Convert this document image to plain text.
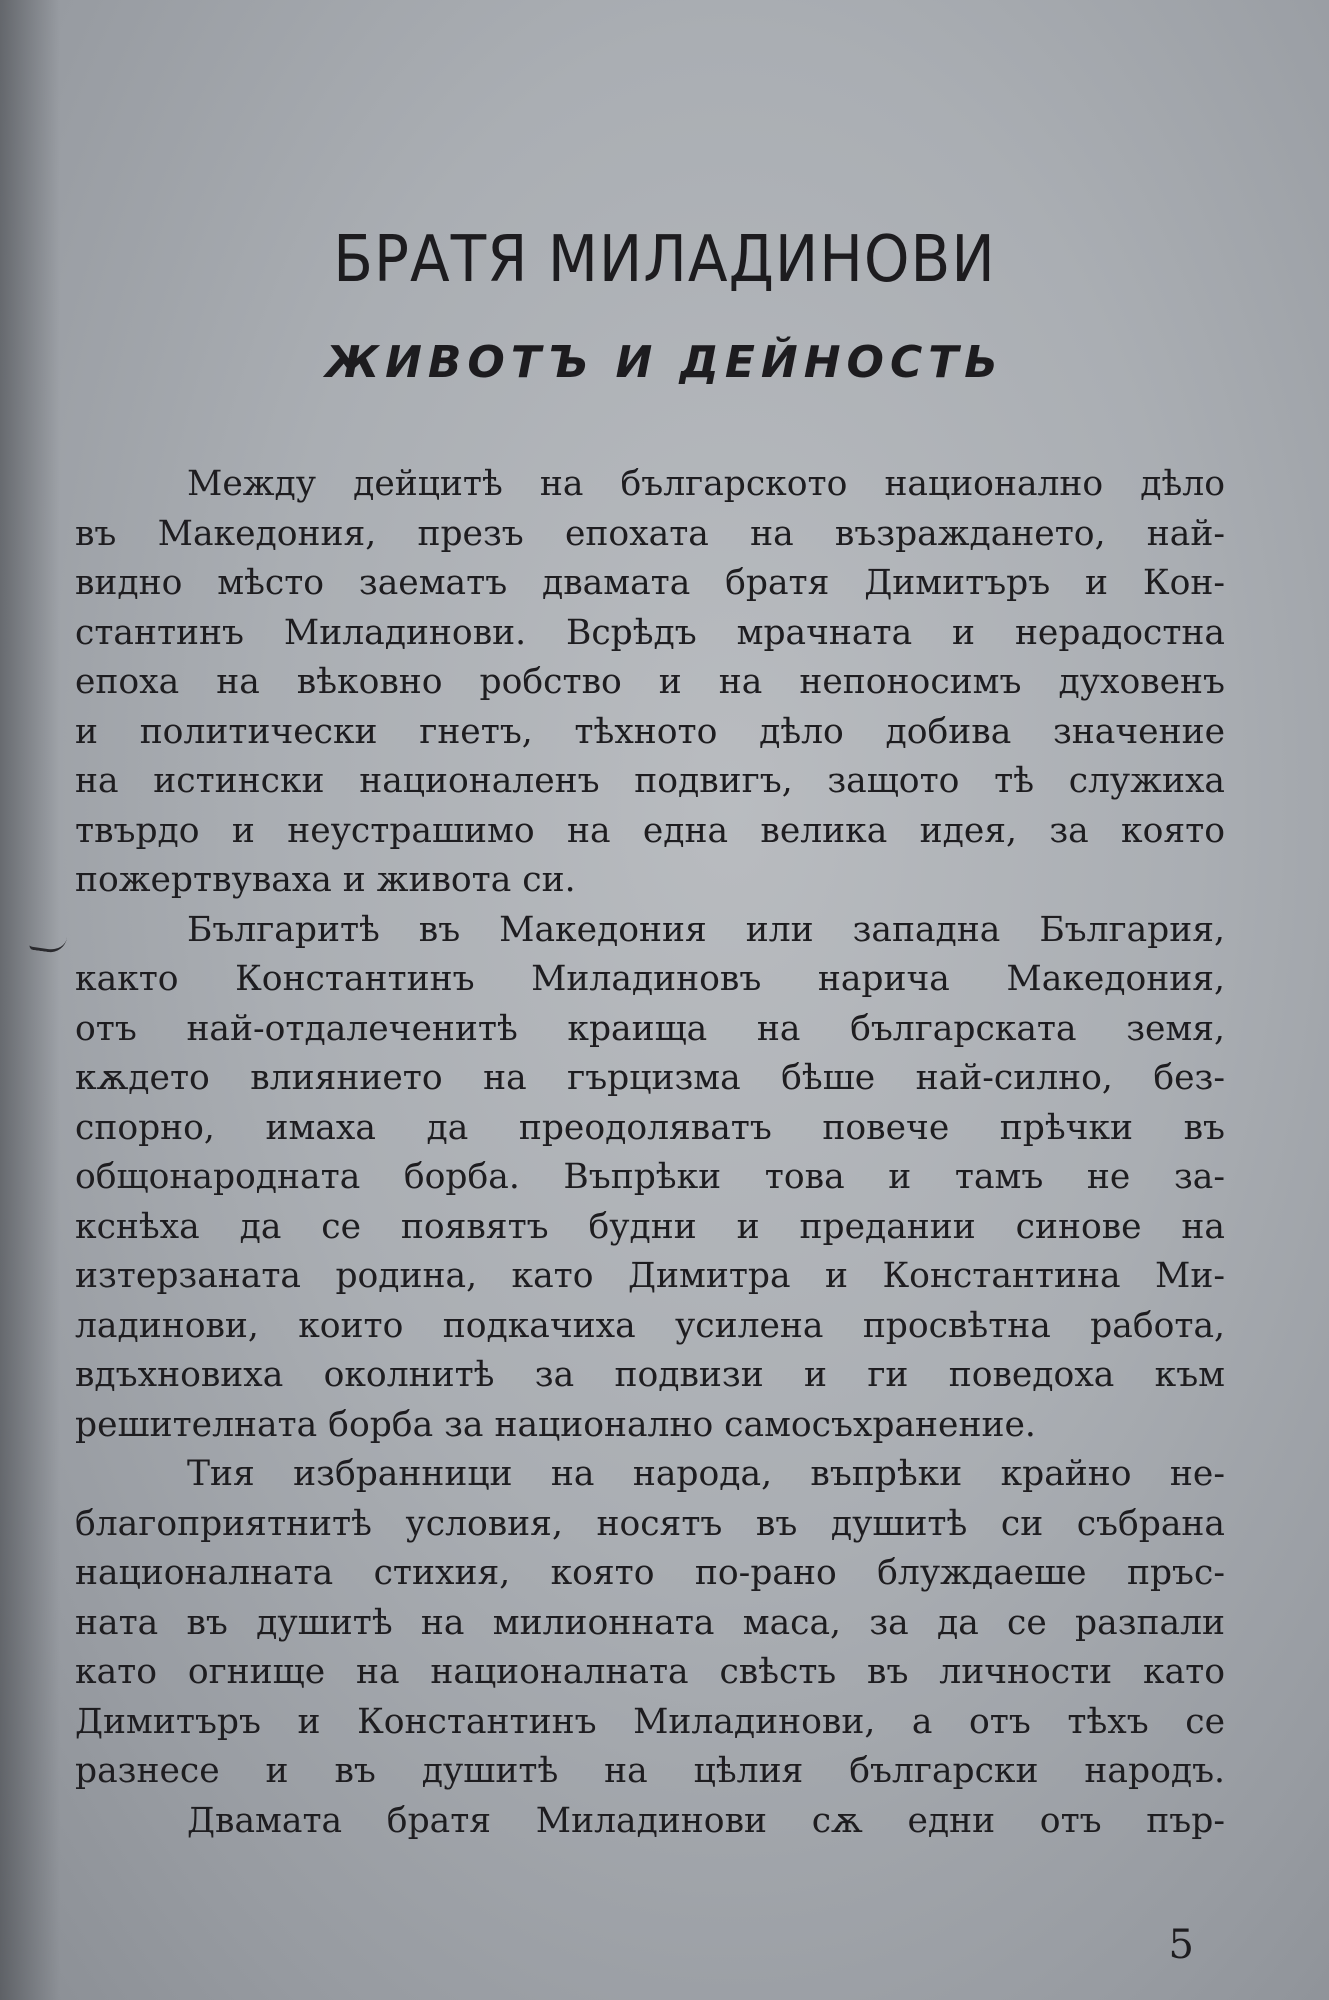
БРАТЯ МИЛАДИНОВИ
ЖИВОТЪ И ДЕЙНОСТЬ
Между дейцитѣ на българското национално дѣло
въ Македония, презъ епохата на възраждането, най-
видно мѣсто заематъ двамата братя Димитъръ и Кон-
стантинъ Миладинови. Всрѣдъ мрачната и нерадостна
епоха на вѣковно робство и на непоносимъ духовенъ
и политически гнетъ, тѣхното дѣло добива значение
на истински националенъ подвигъ, защото тѣ служиха
твърдо и неустрашимо на една велика идея, за която
пожертвуваха и живота си.
Българитѣ въ Македония или западна България,
както Константинъ Миладиновъ нарича Македония,
отъ най-отдалеченитѣ краища на българската земя,
кѫдето влиянието на гърцизма бѣше най-силно, без-
спорно, имаха да преодоляватъ повече прѣчки въ
общонародната борба. Въпрѣки това и тамъ не за-
кснѣха да се появятъ будни и предании синове на
изтерзаната родина, като Димитра и Константина Ми-
ладинови, които подкачиха усилена просвѣтна работа,
вдъхновиха околнитѣ за подвизи и ги поведоха към
решителната борба за национално самосъхранение.
Тия избранници на народа, въпрѣки крайно не-
благоприятнитѣ условия, носятъ въ душитѣ си събрана
националната стихия, която по-рано блуждаеше пръс-
ната въ душитѣ на милионната маса, за да се разпали
като огнище на националната свѣсть въ личности като
Димитъръ и Константинъ Миладинови, а отъ тѣхъ се
разнесе и въ душитѣ на цѣлия български народъ.
Двамата братя Миладинови сѫ едни отъ пър-
5
